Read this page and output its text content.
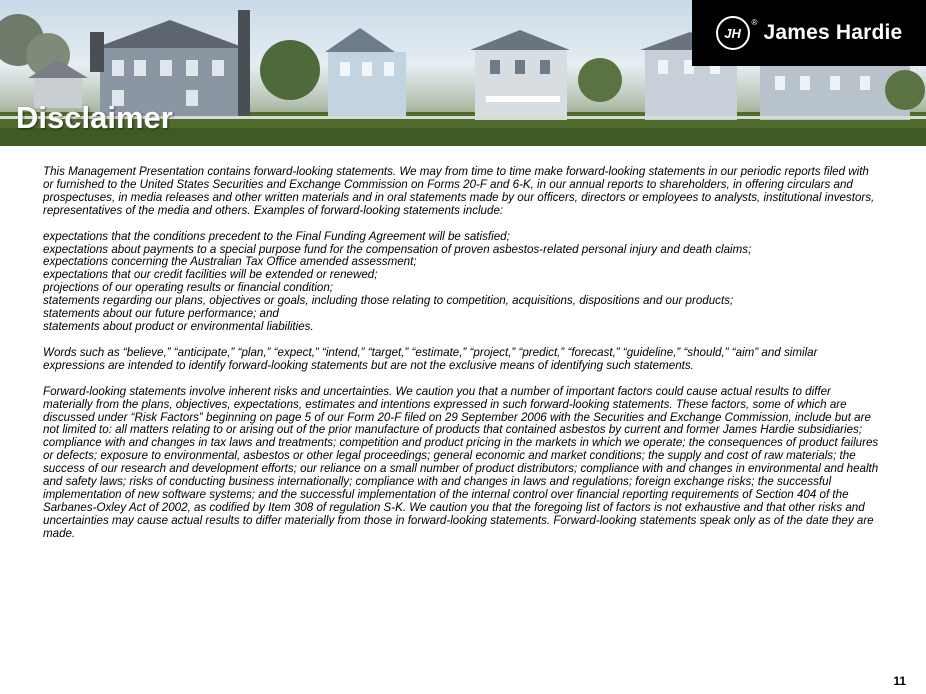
JH
® James Hardie
Disclaimer

This Management Presentation contains forward-looking statements. We may from time to time make forward-looking statements in our periodic reports filed with or furnished to the United States Securities and Exchange Commission on Forms 20-F and 6-K, in our annual reports to shareholders, in offering circulars and prospectuses, in media releases and other written materials and in oral statements made by our officers, directors or employees to analysts, institutional investors, representatives of the media and others. Examples of forward-looking statements include:

expectations that the conditions precedent to the Final Funding Agreement will be satisfied;
expectations about payments to a special purpose fund for the compensation of proven asbestos-related personal injury and death claims;
expectations concerning the Australian Tax Office amended assessment;
expectations that our credit facilities will be extended or renewed;
projections of our operating results or financial condition;
statements regarding our plans, objectives or goals, including those relating to competition, acquisitions, dispositions and our products;
statements about our future performance; and
statements about product or environmental liabilities.

Words such as “believe,” “anticipate,” “plan,” “expect,” “intend,” “target,” “estimate,” “project,” “predict,” “forecast,” “guideline,” “should,” “aim” and similar expressions are intended to identify forward-looking statements but are not the exclusive means of identifying such statements.

Forward-looking statements involve inherent risks and uncertainties. We caution you that a number of important factors could cause actual results to differ materially from the plans, objectives, expectations, estimates and intentions expressed in such forward-looking statements. These factors, some of which are discussed under “Risk Factors” beginning on page 5 of our Form 20-F filed on 29 September 2006 with the Securities and Exchange Commission, include but are not limited to: all matters relating to or arising out of the prior manufacture of products that contained asbestos by current and former James Hardie subsidiaries; compliance with and changes in tax laws and treatments; competition and product pricing in the markets in which we operate; the consequences of product failures or defects; exposure to environmental, asbestos or other legal proceedings; general economic and market conditions; the supply and cost of raw materials; the success of our research and development efforts; our reliance on a small number of product distributors; compliance with and changes in environmental and health and safety laws; risks of conducting business internationally; compliance with and changes in laws and regulations; foreign exchange risks; the successful implementation of new software systems; and the successful implementation of the internal control over financial reporting requirements of Section 404 of the Sarbanes-Oxley Act of 2002, as codified by Item 308 of regulation S-K. We caution you that the foregoing list of factors is not exhaustive and that other risks and uncertainties may cause actual results to differ materially from those in forward-looking statements. Forward-looking statements speak only as of the date they are made.

11
